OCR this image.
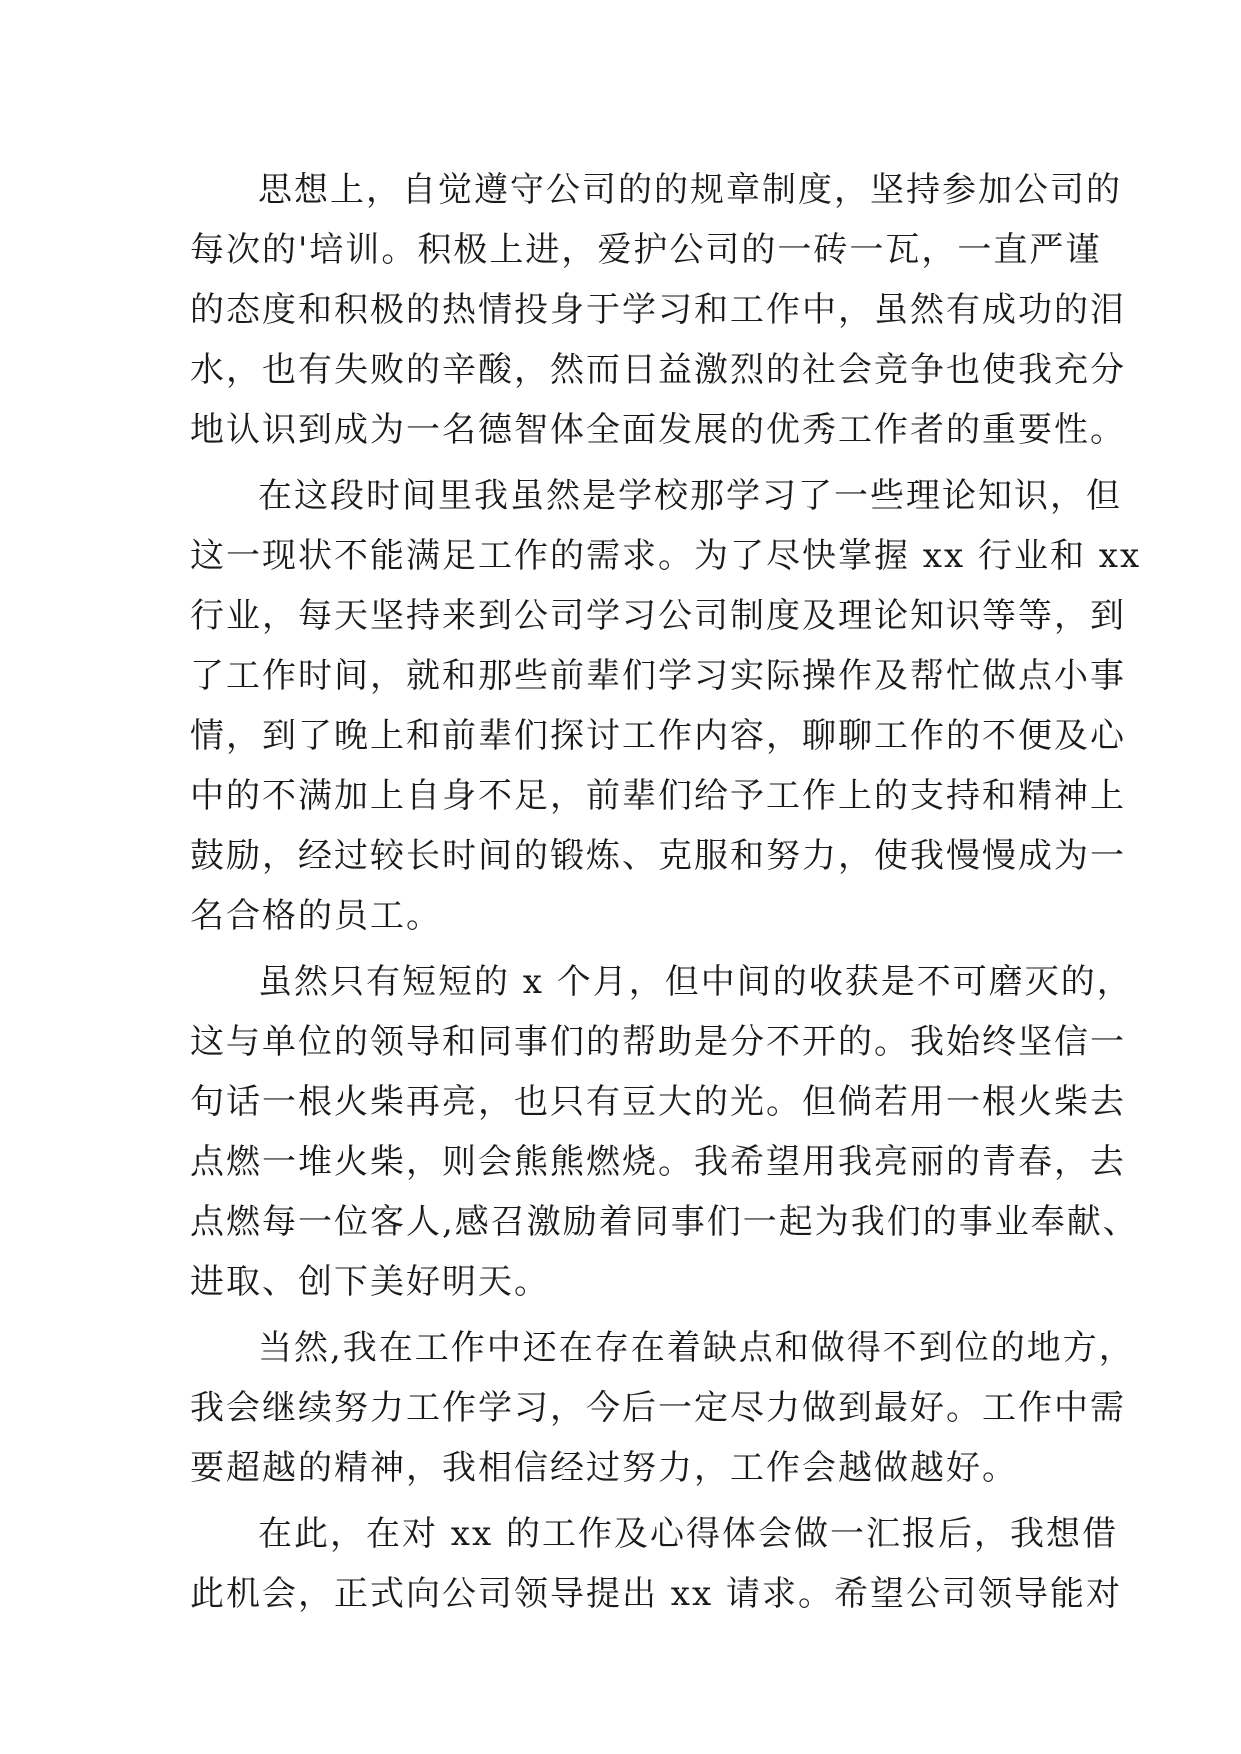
思想上，自觉遵守公司的的规章制度，坚持参加公司的
每次的'培训。积极上进，爱护公司的一砖一瓦，一直严谨
的态度和积极的热情投身于学习和工作中，虽然有成功的泪
水，也有失败的辛酸，然而日益激烈的社会竞争也使我充分
地认识到成为一名德智体全面发展的优秀工作者的重要性。
在这段时间里我虽然是学校那学习了一些理论知识，但
这一现状不能满足工作的需求。为了尽快掌握 xx 行业和 xx
行业，每天坚持来到公司学习公司制度及理论知识等等，到
了工作时间，就和那些前辈们学习实际操作及帮忙做点小事
情，到了晚上和前辈们探讨工作内容，聊聊工作的不便及心
中的不满加上自身不足，前辈们给予工作上的支持和精神上
鼓励，经过较长时间的锻炼、克服和努力，使我慢慢成为一
名合格的员工。
虽然只有短短的 x 个月，但中间的收获是不可磨灭的，
这与单位的领导和同事们的帮助是分不开的。我始终坚信一
句话一根火柴再亮，也只有豆大的光。但倘若用一根火柴去
点燃一堆火柴，则会熊熊燃烧。我希望用我亮丽的青春，去
点燃每一位客人,感召激励着同事们一起为我们的事业奉献、
进取、创下美好明天。
当然,我在工作中还在存在着缺点和做得不到位的地方，
我会继续努力工作学习，今后一定尽力做到最好。工作中需
要超越的精神，我相信经过努力，工作会越做越好。
在此，在对 xx 的工作及心得体会做一汇报后，我想借
此机会，正式向公司领导提出 xx 请求。希望公司领导能对
